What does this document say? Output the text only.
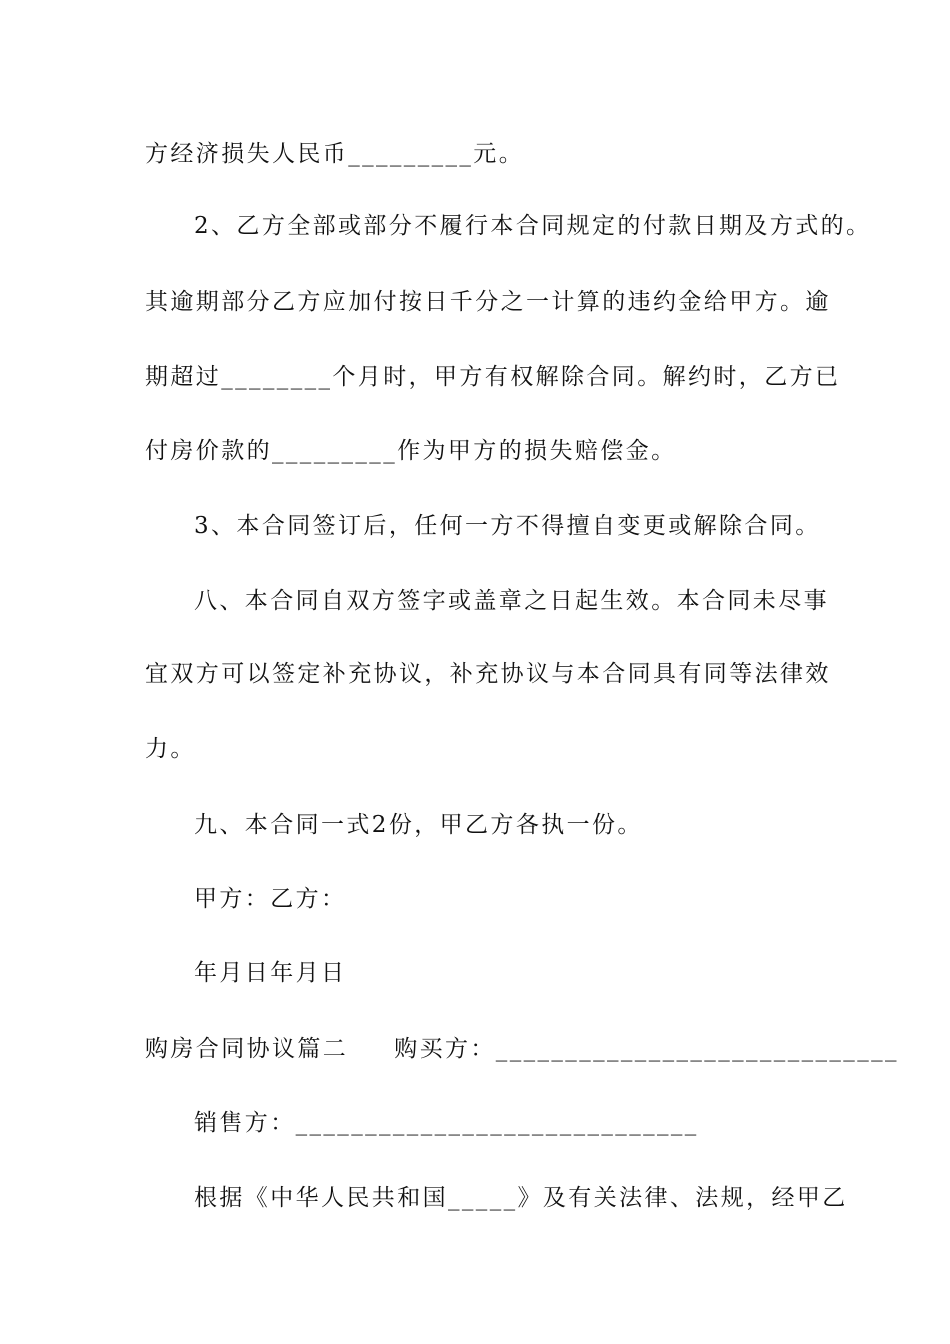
方经济损失人民币_________元。
2、乙方全部或部分不履行本合同规定的付款日期及方式的。
其逾期部分乙方应加付按日千分之一计算的违约金给甲方。逾
期超过________个月时，甲方有权解除合同。解约时，乙方已
付房价款的_________作为甲方的损失赔偿金。
3、本合同签订后，任何一方不得擅自变更或解除合同。
八、本合同自双方签字或盖章之日起生效。本合同未尽事
宜双方可以签定补充协议，补充协议与本合同具有同等法律效
力。
九、本合同一式2份，甲乙方各执一份。
甲方：乙方：
年月日年月日
购房合同协议篇二 购买方：_____________________________
销售方：_____________________________
根据《中华人民共和国_____》及有关法律、法规，经甲乙
